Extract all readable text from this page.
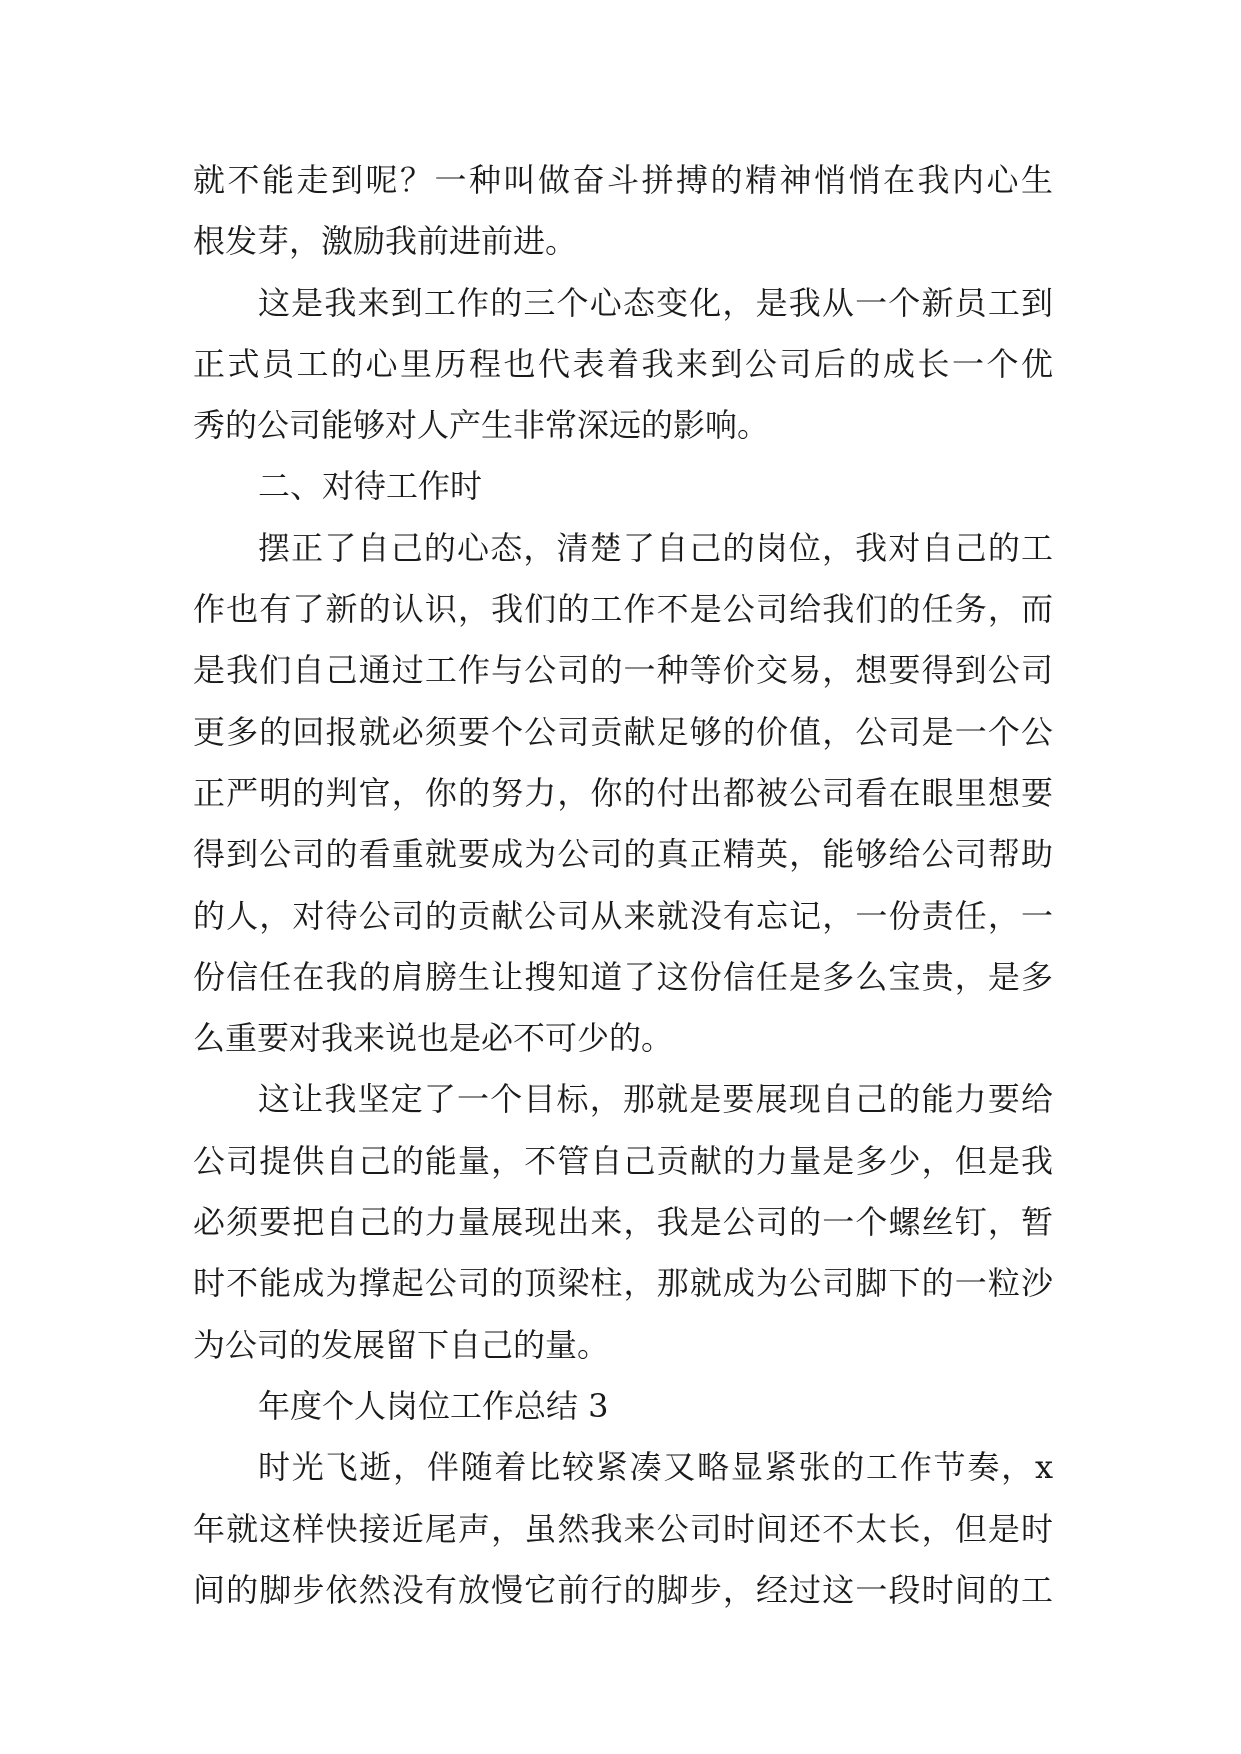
就不能走到呢？一种叫做奋斗拼搏的精神悄悄在我内心生
根发芽，激励我前进前进。
这是我来到工作的三个心态变化，是我从一个新员工到
正式员工的心里历程也代表着我来到公司后的成长一个优
秀的公司能够对人产生非常深远的影响。
二、对待工作时
摆正了自己的心态，清楚了自己的岗位，我对自己的工
作也有了新的认识，我们的工作不是公司给我们的任务，而
是我们自己通过工作与公司的一种等价交易，想要得到公司
更多的回报就必须要个公司贡献足够的价值，公司是一个公
正严明的判官，你的努力，你的付出都被公司看在眼里想要
得到公司的看重就要成为公司的真正精英，能够给公司帮助
的人，对待公司的贡献公司从来就没有忘记，一份责任，一
份信任在我的肩膀生让搜知道了这份信任是多么宝贵，是多
么重要对我来说也是必不可少的。
这让我坚定了一个目标，那就是要展现自己的能力要给
公司提供自己的能量，不管自己贡献的力量是多少，但是我
必须要把自己的力量展现出来，我是公司的一个螺丝钉，暂
时不能成为撑起公司的顶梁柱，那就成为公司脚下的一粒沙
为公司的发展留下自己的量。
年度个人岗位工作总结 3
时光飞逝，伴随着比较紧凑又略显紧张的工作节奏，x
年就这样快接近尾声，虽然我来公司时间还不太长，但是时
间的脚步依然没有放慢它前行的脚步，经过这一段时间的工
